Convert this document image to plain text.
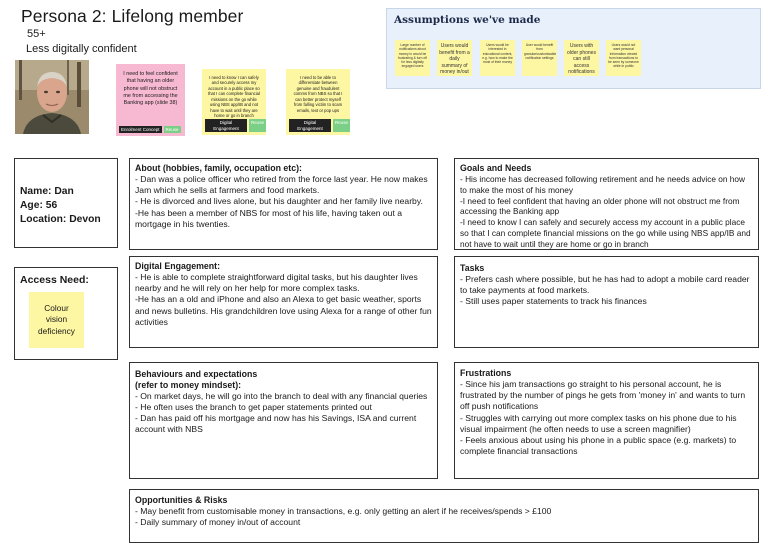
Persona 2: Lifelong member
55+
Less digitally confident
I need to feel confident that having an older phone will not obstruct me from accessing the Banking app (slide 38)
Enrolment Concept	Reuse
I need to know I can safely and securely access my account in a public place so that I can complete financial missions on the go while using NBS app/IB and not have to wait until they are home or go in branch
Digital Engagement
Reuse
I need to be able to differentiate between genuine and fraudulent comms from NBS so that I can better protect myself from falling victim to scam emails, text or pop ups
Digital Engagement
Reuse
Assumptions we've made
Large number of notifications about money in would be frustrating & turn off for less digitally engaged users
Users would benefit from a daily summary of money in/out
Users would be interested in educational content, e.g. how to make the most of their money
User would benefit from granular/customisable notification settings
Users with older phones can still access notifications
Users would not want personal information viewed from transactions to be seen by someone while in public
Name: Dan
Age: 56
Location: Devon
Access Need:
Colour vision deficiency
About (hobbies, family, occupation etc):
- Dan was a police officer who retired from the force last year. He now makes Jam which he sells at farmers and food markets.
- He is divorced and lives alone, but his daughter and her family live nearby.
-He has been a member of NBS for most of his life, having taken out a mortgage in his twenties.
Goals and Needs
- His income has decreased following retirement and he needs advice on how to make the most of his money
-I need to feel confident that having an older phone will not obstruct me from accessing the Banking app
-I need to know I can safely and securely access my account in a public place so that I can complete financial missions on the go while using NBS app/IB and not have to wait until they are home or go in branch
Digital Engagement:
- He is able to complete straightforward digital tasks, but his daughter lives nearby and he will rely on her help for more complex tasks.
-He has an a old and iPhone and also an Alexa to get basic weather, sports and news bulletins. His grandchildren love using Alexa for a range of other fun activities
Tasks
- Prefers cash where possible, but he has had to adopt a mobile card reader to take payments at food markets.
- Still uses paper statements to track his finances
Behaviours and expectations
(refer to money mindset):
- On market days, he will go into the branch to deal with any financial queries
- He often uses the branch to get paper statements printed out
- Dan has paid off his mortgage and now has his Savings, ISA and current account with NBS
Frustrations
- Since his jam transactions go straight to his personal account, he is frustrated by the number of pings he gets from 'money in' and wants to turn off push notifications
- Struggles with carrying out more complex tasks on his phone due to his visual impairment (he often needs to use a screen magnifier)
- Feels anxious about using his phone in a public space (e.g. markets) to complete financial transactions
Opportunities & Risks
- May benefit from customisable money in transactions, e.g. only getting an alert if he receives/spends > £100
- Daily summary of money in/out of account
